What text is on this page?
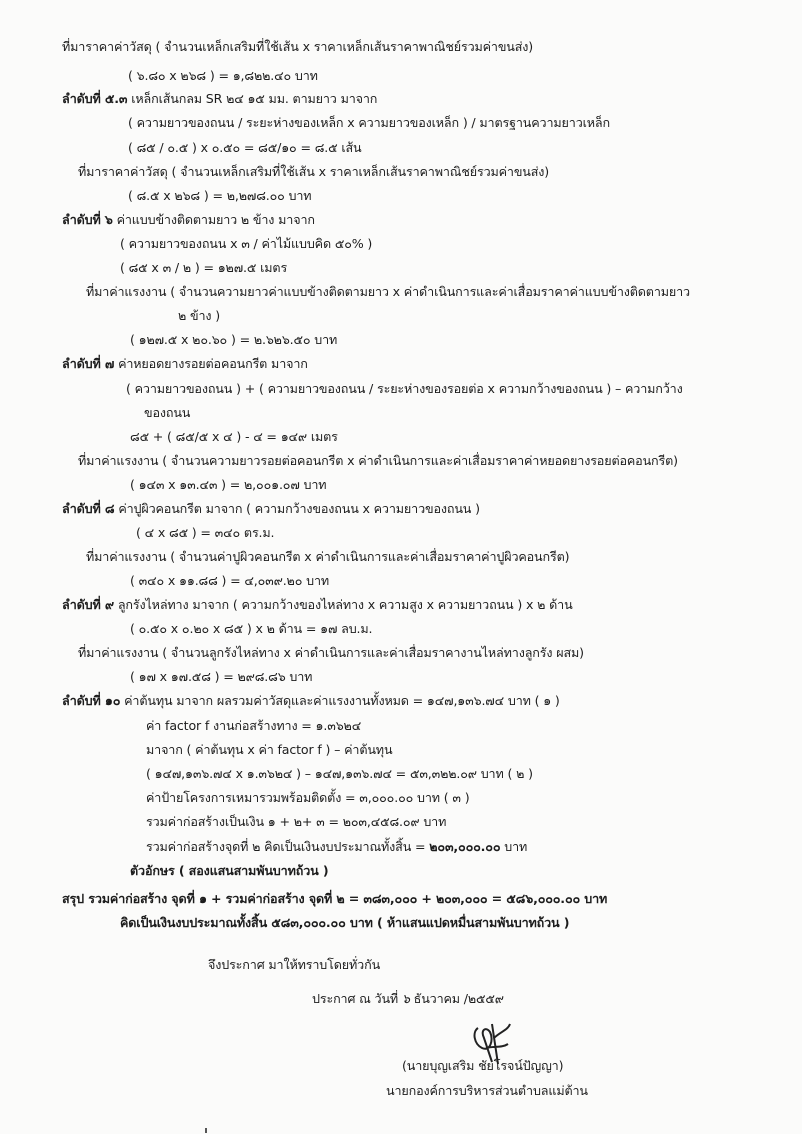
ที่มาราคาค่าวัสดุ ( จำนวนเหล็กเสริมที่ใช้เส้น x ราคาเหล็กเส้นราคาพาณิชย์รวมค่าขนส่ง)
( ๖.๘๐ x ๒๖๘ ) = ๑,๘๒๒.๔๐ บาท
ลำดับที่ ๕.๓ เหล็กเส้นกลม SR ๒๔ ๑๕ มม. ตามยาว มาจาก
( ความยาวของถนน / ระยะห่างของเหล็ก x ความยาวของเหล็ก ) / มาตรฐานความยาวเหล็ก
( ๘๕ / ๐.๕ ) x ๐.๕๐ = ๘๕/๑๐ = ๘.๕ เส้น
ที่มาราคาค่าวัสดุ ( จำนวนเหล็กเสริมที่ใช้เส้น x ราคาเหล็กเส้นราคาพาณิชย์รวมค่าขนส่ง)
( ๘.๕ x ๒๖๘ ) = ๒,๒๗๘.๐๐ บาท
ลำดับที่ ๖ ค่าแบบข้างติดตามยาว ๒ ข้าง มาจาก
( ความยาวของถนน x ๓ / ค่าไม้แบบคิด ๕๐% )
( ๘๕ x ๓ / ๒ ) = ๑๒๗.๕ เมตร
ที่มาค่าแรงงาน ( จำนวนความยาวค่าแบบข้างติดตามยาว x ค่าดำเนินการและค่าเสื่อมราคาค่าแบบข้างติดตามยาว
๒ ข้าง )
( ๑๒๗.๕ x ๒๐.๖๐ ) = ๒.๖๒๖.๕๐ บาท
ลำดับที่ ๗ ค่าหยอดยางรอยต่อคอนกรีต มาจาก
( ความยาวของถนน ) + ( ความยาวของถนน / ระยะห่างของรอยต่อ x ความกว้างของถนน ) – ความกว้าง
ของถนน
๘๕ + ( ๘๕/๕ x ๔ ) - ๔ = ๑๔๙ เมตร
ที่มาค่าแรงงาน ( จำนวนความยาวรอยต่อคอนกรีต x ค่าดำเนินการและค่าเสื่อมราคาค่าหยอดยางรอยต่อคอนกรีต)
( ๑๔๓ x ๑๓.๔๓ ) = ๒,๐๐๑.๐๗ บาท
ลำดับที่ ๘ ค่าปูผิวคอนกรีต มาจาก ( ความกว้างของถนน x ความยาวของถนน )
( ๔ x ๘๕ ) = ๓๔๐ ตร.ม.
ที่มาค่าแรงงาน ( จำนวนค่าปูผิวคอนกรีต x ค่าดำเนินการและค่าเสื่อมราคาค่าปูผิวคอนกรีต)
( ๓๔๐ x ๑๑.๘๘ ) = ๔,๐๓๙.๒๐ บาท
ลำดับที่ ๙ ลูกรังไหล่ทาง มาจาก ( ความกว้างของไหล่ทาง x ความสูง x ความยาวถนน ) x ๒ ด้าน
( ๐.๕๐ x ๐.๒๐ x ๘๕ ) x ๒ ด้าน = ๑๗ ลบ.ม.
ที่มาค่าแรงงาน ( จำนวนลูกรังไหล่ทาง x ค่าดำเนินการและค่าเสื่อมราคางานไหล่ทางลูกรัง ผสม)
( ๑๗ x ๑๗.๕๘ ) = ๒๙๘.๘๖ บาท
ลำดับที่ ๑๐ ค่าต้นทุน มาจาก ผลรวมค่าวัสดุและค่าแรงงานทั้งหมด = ๑๔๗,๑๓๖.๗๔ บาท ( ๑ )
ค่า factor f งานก่อสร้างทาง = ๑.๓๖๒๔
มาจาก ( ค่าต้นทุน x ค่า factor f ) – ค่าต้นทุน
( ๑๔๗,๑๓๖.๗๔ x ๑.๓๖๒๔ ) – ๑๔๗,๑๓๖.๗๔ = ๕๓,๓๒๒.๐๙ บาท ( ๒ )
ค่าป้ายโครงการเหมารวมพร้อมติดตั้ง = ๓,๐๐๐.๐๐ บาท ( ๓ )
รวมค่าก่อสร้างเป็นเงิน ๑ + ๒+ ๓ = ๒๐๓,๔๕๘.๐๙ บาท
รวมค่าก่อสร้างจุดที่ ๒ คิดเป็นเงินงบประมาณทั้งสิ้น = ๒๐๓,๐๐๐.๐๐ บาท
ตัวอักษร ( สองแสนสามพันบาทถ้วน )
สรุป รวมค่าก่อสร้าง จุดที่ ๑ + รวมค่าก่อสร้าง จุดที่ ๒ = ๓๘๓,๐๐๐ + ๒๐๓,๐๐๐ = ๕๘๖,๐๐๐.๐๐ บาท
คิดเป็นเงินงบประมาณทั้งสิ้น ๕๘๓,๐๐๐.๐๐ บาท ( ห้าแสนแปดหมื่นสามพันบาทถ้วน )
จึงประกาศ มาให้ทราบโดยทั่วกัน
ประกาศ ณ วันที่ ๖ ธันวาคม /๒๕๕๙
(นายบุญเสริม ชัยโรจน์ปัญญา)
นายกองค์การบริหารส่วนตำบลแม่ต้าน
